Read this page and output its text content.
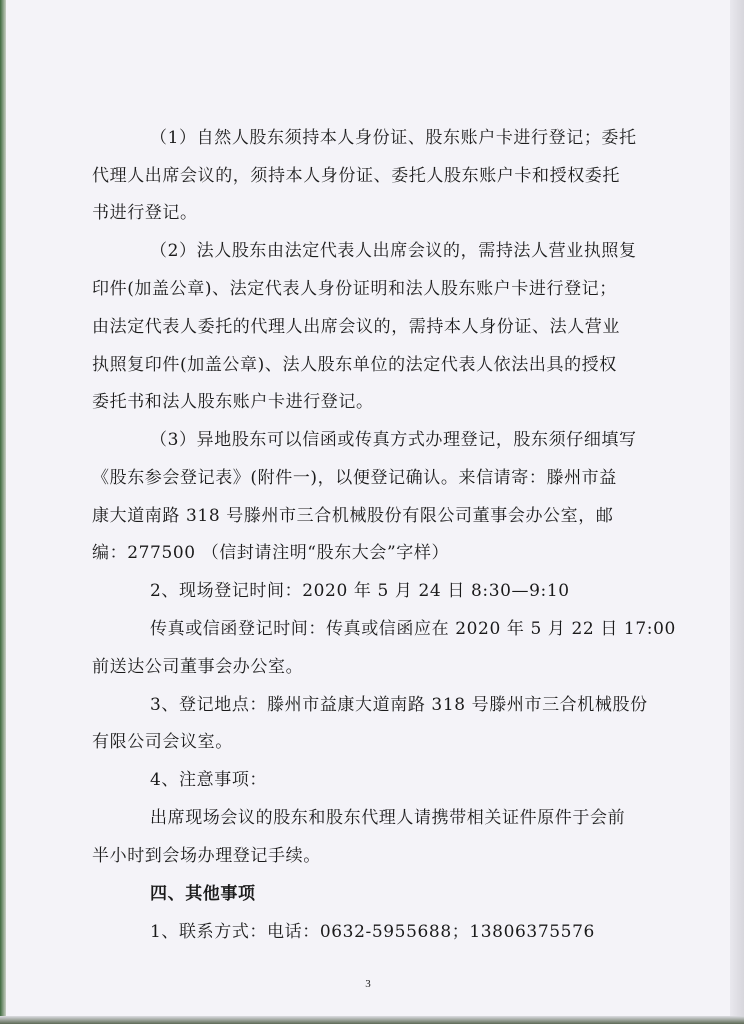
（1）自然人股东须持本人身份证、股东账户卡进行登记；委托
代理人出席会议的，须持本人身份证、委托人股东账户卡和授权委托
书进行登记。
（2）法人股东由法定代表人出席会议的，需持法人营业执照复
印件(加盖公章)、法定代表人身份证明和法人股东账户卡进行登记；
由法定代表人委托的代理人出席会议的，需持本人身份证、法人营业
执照复印件(加盖公章)、法人股东单位的法定代表人依法出具的授权
委托书和法人股东账户卡进行登记。
（3）异地股东可以信函或传真方式办理登记，股东须仔细填写
《股东参会登记表》(附件一)，以便登记确认。来信请寄：滕州市益
康大道南路 318 号滕州市三合机械股份有限公司董事会办公室，邮
编：277500 （信封请注明“股东大会”字样）
2、现场登记时间：2020 年 5 月 24 日 8:30—9:10
传真或信函登记时间：传真或信函应在 2020 年 5 月 22 日 17:00
前送达公司董事会办公室。
3、登记地点：滕州市益康大道南路 318 号滕州市三合机械股份
有限公司会议室。
4、注意事项：
出席现场会议的股东和股东代理人请携带相关证件原件于会前
半小时到会场办理登记手续。
四、其他事项
1、联系方式：电话：0632-5955688；13806375576
3
